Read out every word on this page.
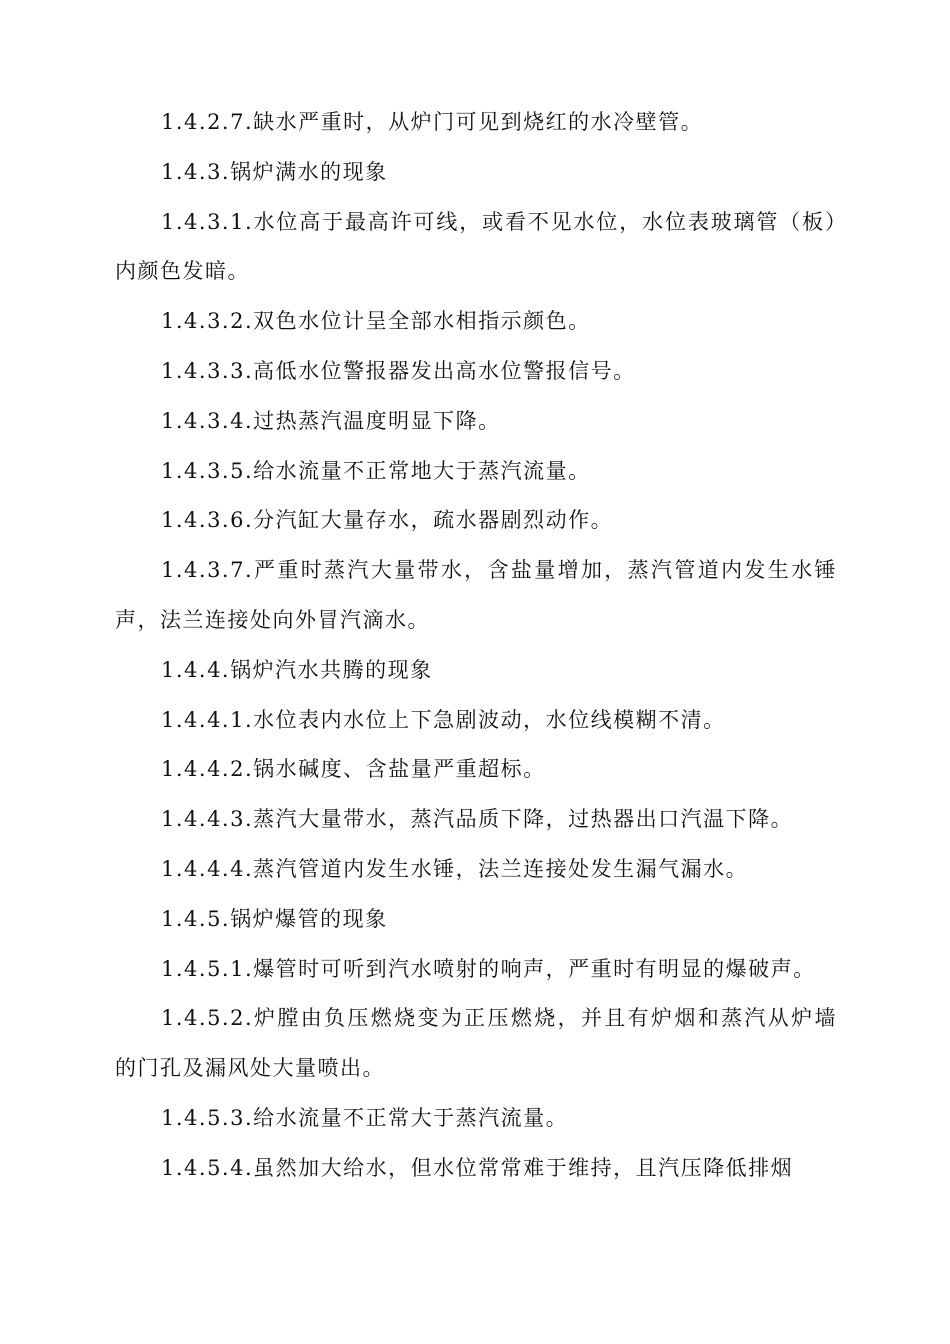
1.4.2.7.缺水严重时，从炉门可见到烧红的水冷壁管。

1.4.3.锅炉满水的现象

1.4.3.1.水位高于最高许可线，或看不见水位，水位表玻璃管（板）内颜色发暗。

1.4.3.2.双色水位计呈全部水相指示颜色。

1.4.3.3.高低水位警报器发出高水位警报信号。

1.4.3.4.过热蒸汽温度明显下降。

1.4.3.5.给水流量不正常地大于蒸汽流量。

1.4.3.6.分汽缸大量存水，疏水器剧烈动作。

1.4.3.7.严重时蒸汽大量带水，含盐量增加，蒸汽管道内发生水锤声，法兰连接处向外冒汽滴水。

1.4.4.锅炉汽水共腾的现象

1.4.4.1.水位表内水位上下急剧波动，水位线模糊不清。

1.4.4.2.锅水碱度、含盐量严重超标。

1.4.4.3.蒸汽大量带水，蒸汽品质下降，过热器出口汽温下降。

1.4.4.4.蒸汽管道内发生水锤，法兰连接处发生漏气漏水。

1.4.5.锅炉爆管的现象

1.4.5.1.爆管时可听到汽水喷射的响声，严重时有明显的爆破声。

1.4.5.2.炉膛由负压燃烧变为正压燃烧，并且有炉烟和蒸汽从炉墙的门孔及漏风处大量喷出。

1.4.5.3.给水流量不正常大于蒸汽流量。

1.4.5.4.虽然加大给水，但水位常常难于维持，且汽压降低排烟
